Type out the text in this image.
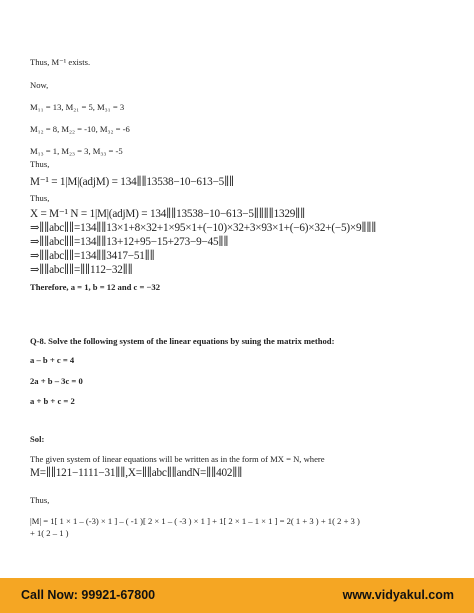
Thus, M⁻¹ exists.
Now,
M₁₁ = 13, M₂₁ = 5, M₃₁ = 3
M₁₂ = 8, M₂₂ = -10, M₃₂ = -6
M₁₃ = 1, M₂₃ = 3, M₃₃ = -5
Thus,
M⁻¹ = 1|M|(adjM) = 134∥∥13538−10−613−5∥∥
Thus,
X = M⁻¹ N = 1|M|(adjM) = 134∥∥13538−10−613−5∥∥∥∥1329∥∥
⇒∥∥abc∥∥=134∥∥13×1+8×32+1×95×1+(−10)×32+3×93×1+(−6)×32+(−5)×9∥∥∥
⇒∥∥abc∥∥=134∥∥13+12+95−15+273−9−45∥∥
⇒∥∥abc∥∥=134∥∥3417−51∥∥
⇒∥∥abc∥∥=∥∥112−32∥∥
Therefore, a = 1, b = 12 and c = −32
Q-8. Solve the following system of the linear equations by suing the matrix method:
a – b + c = 4
2a + b – 3c = 0
a + b + c = 2
Sol:
The given system of linear equations will be written as in the form of MX = N, where
M=∥∥121−1111−31∥∥,X=∥∥abc∥∥andN=∥∥402∥∥
Thus,
|M| = 1[ 1 × 1 – (-3) × 1 ] – ( -1 )[ 2 × 1 – ( -3 ) × 1 ] + 1[ 2 × 1 – 1 × 1 ] = 2( 1 + 3 ) + 1( 2 + 3 )
+ 1( 2 – 1 )
Call Now: 99921-67800	www.vidyakul.com
